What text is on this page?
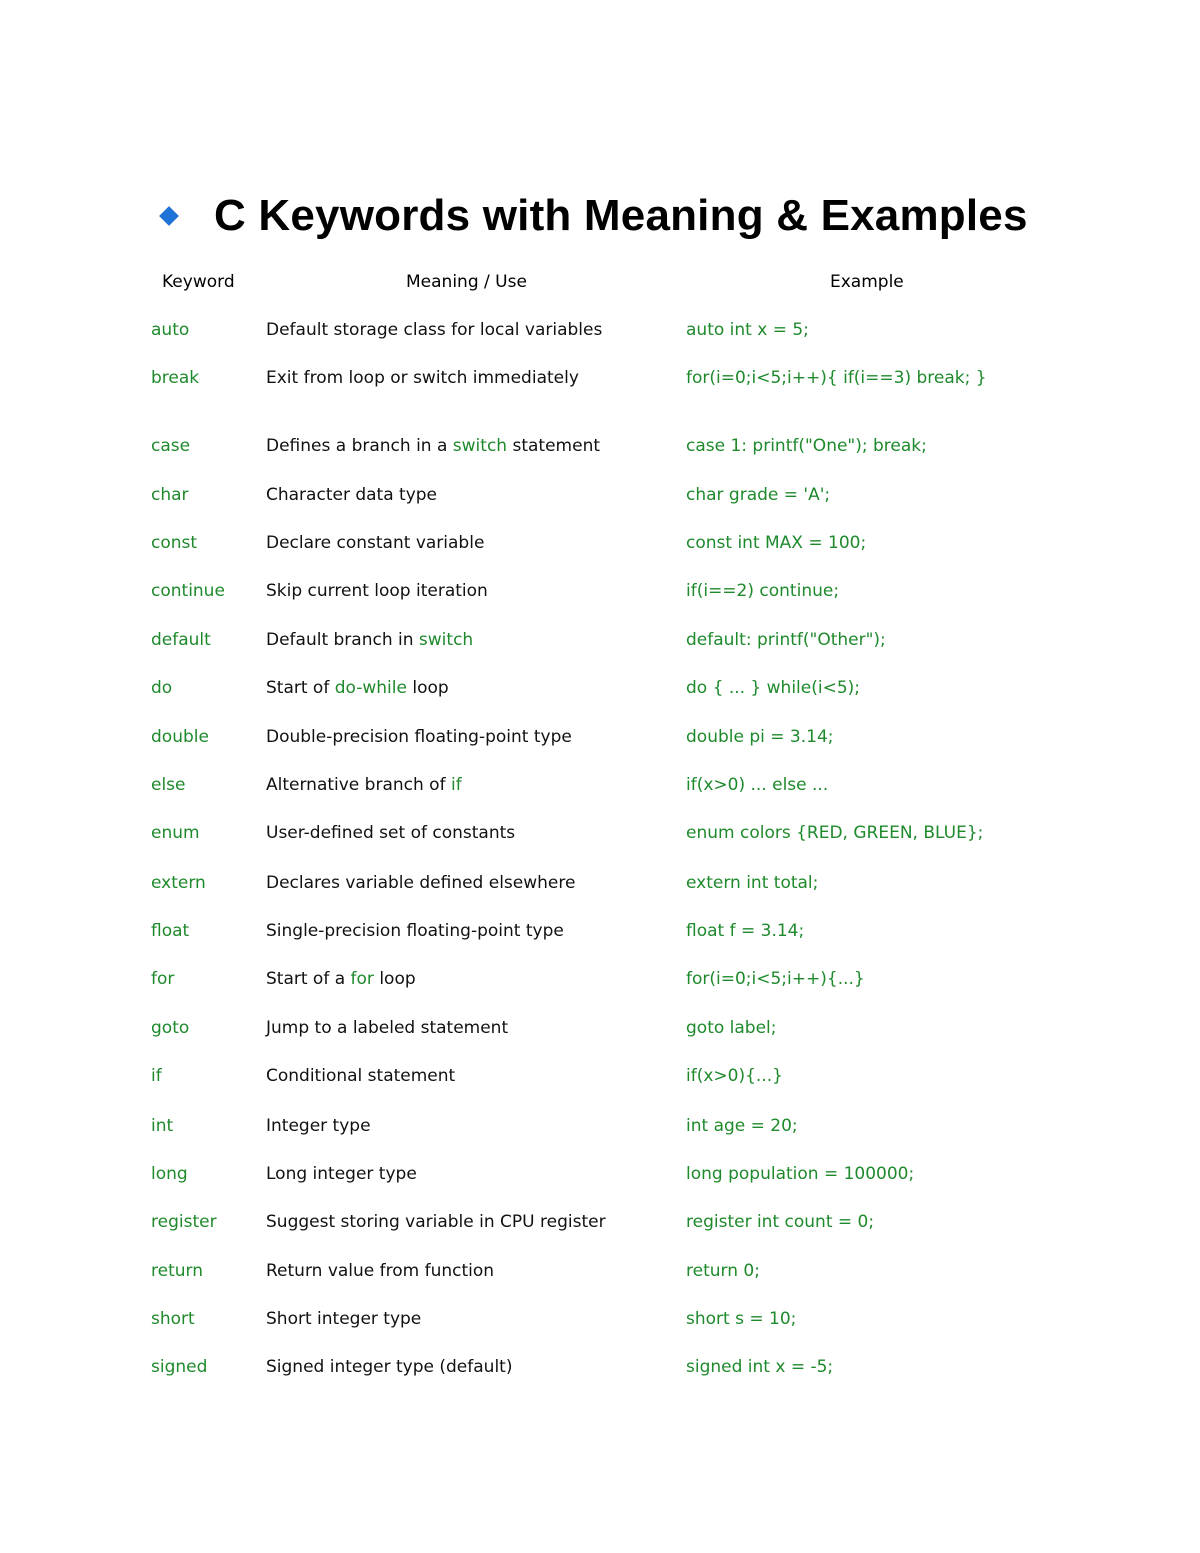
C Keywords with Meaning & Examples
Keyword	Meaning / Use	Example
auto	Default storage class for local variables	auto int x = 5;
break	Exit from loop or switch immediately	for(i=0;i<5;i++){ if(i==3) break; }
case	Defines a branch in a switch statement	case 1: printf("One"); break;
char	Character data type	char grade = 'A';
const	Declare constant variable	const int MAX = 100;
continue Skip current loop iteration	if(i==2) continue;
default	Default branch in switch	default: printf("Other");
do	Start of do-while loop	do { ... } while(i<5);
double	Double-precision floating-point type	double pi = 3.14;
else	Alternative branch of if	if(x>0) ... else ...
enum	User-defined set of constants	enum colors {RED, GREEN, BLUE};
extern	Declares variable defined elsewhere	extern int total;
float	Single-precision floating-point type	float f = 3.14;
for	Start of a for loop	for(i=0;i<5;i++){...}
goto	Jump to a labeled statement	goto label;
if	Conditional statement	if(x>0){...}
int	Integer type	int age = 20;
long	Long integer type	long population = 100000;
register	Suggest storing variable in CPU register	register int count = 0;
return	Return value from function	return 0;
short	Short integer type	short s = 10;
signed	Signed integer type (default)	signed int x = -5;
